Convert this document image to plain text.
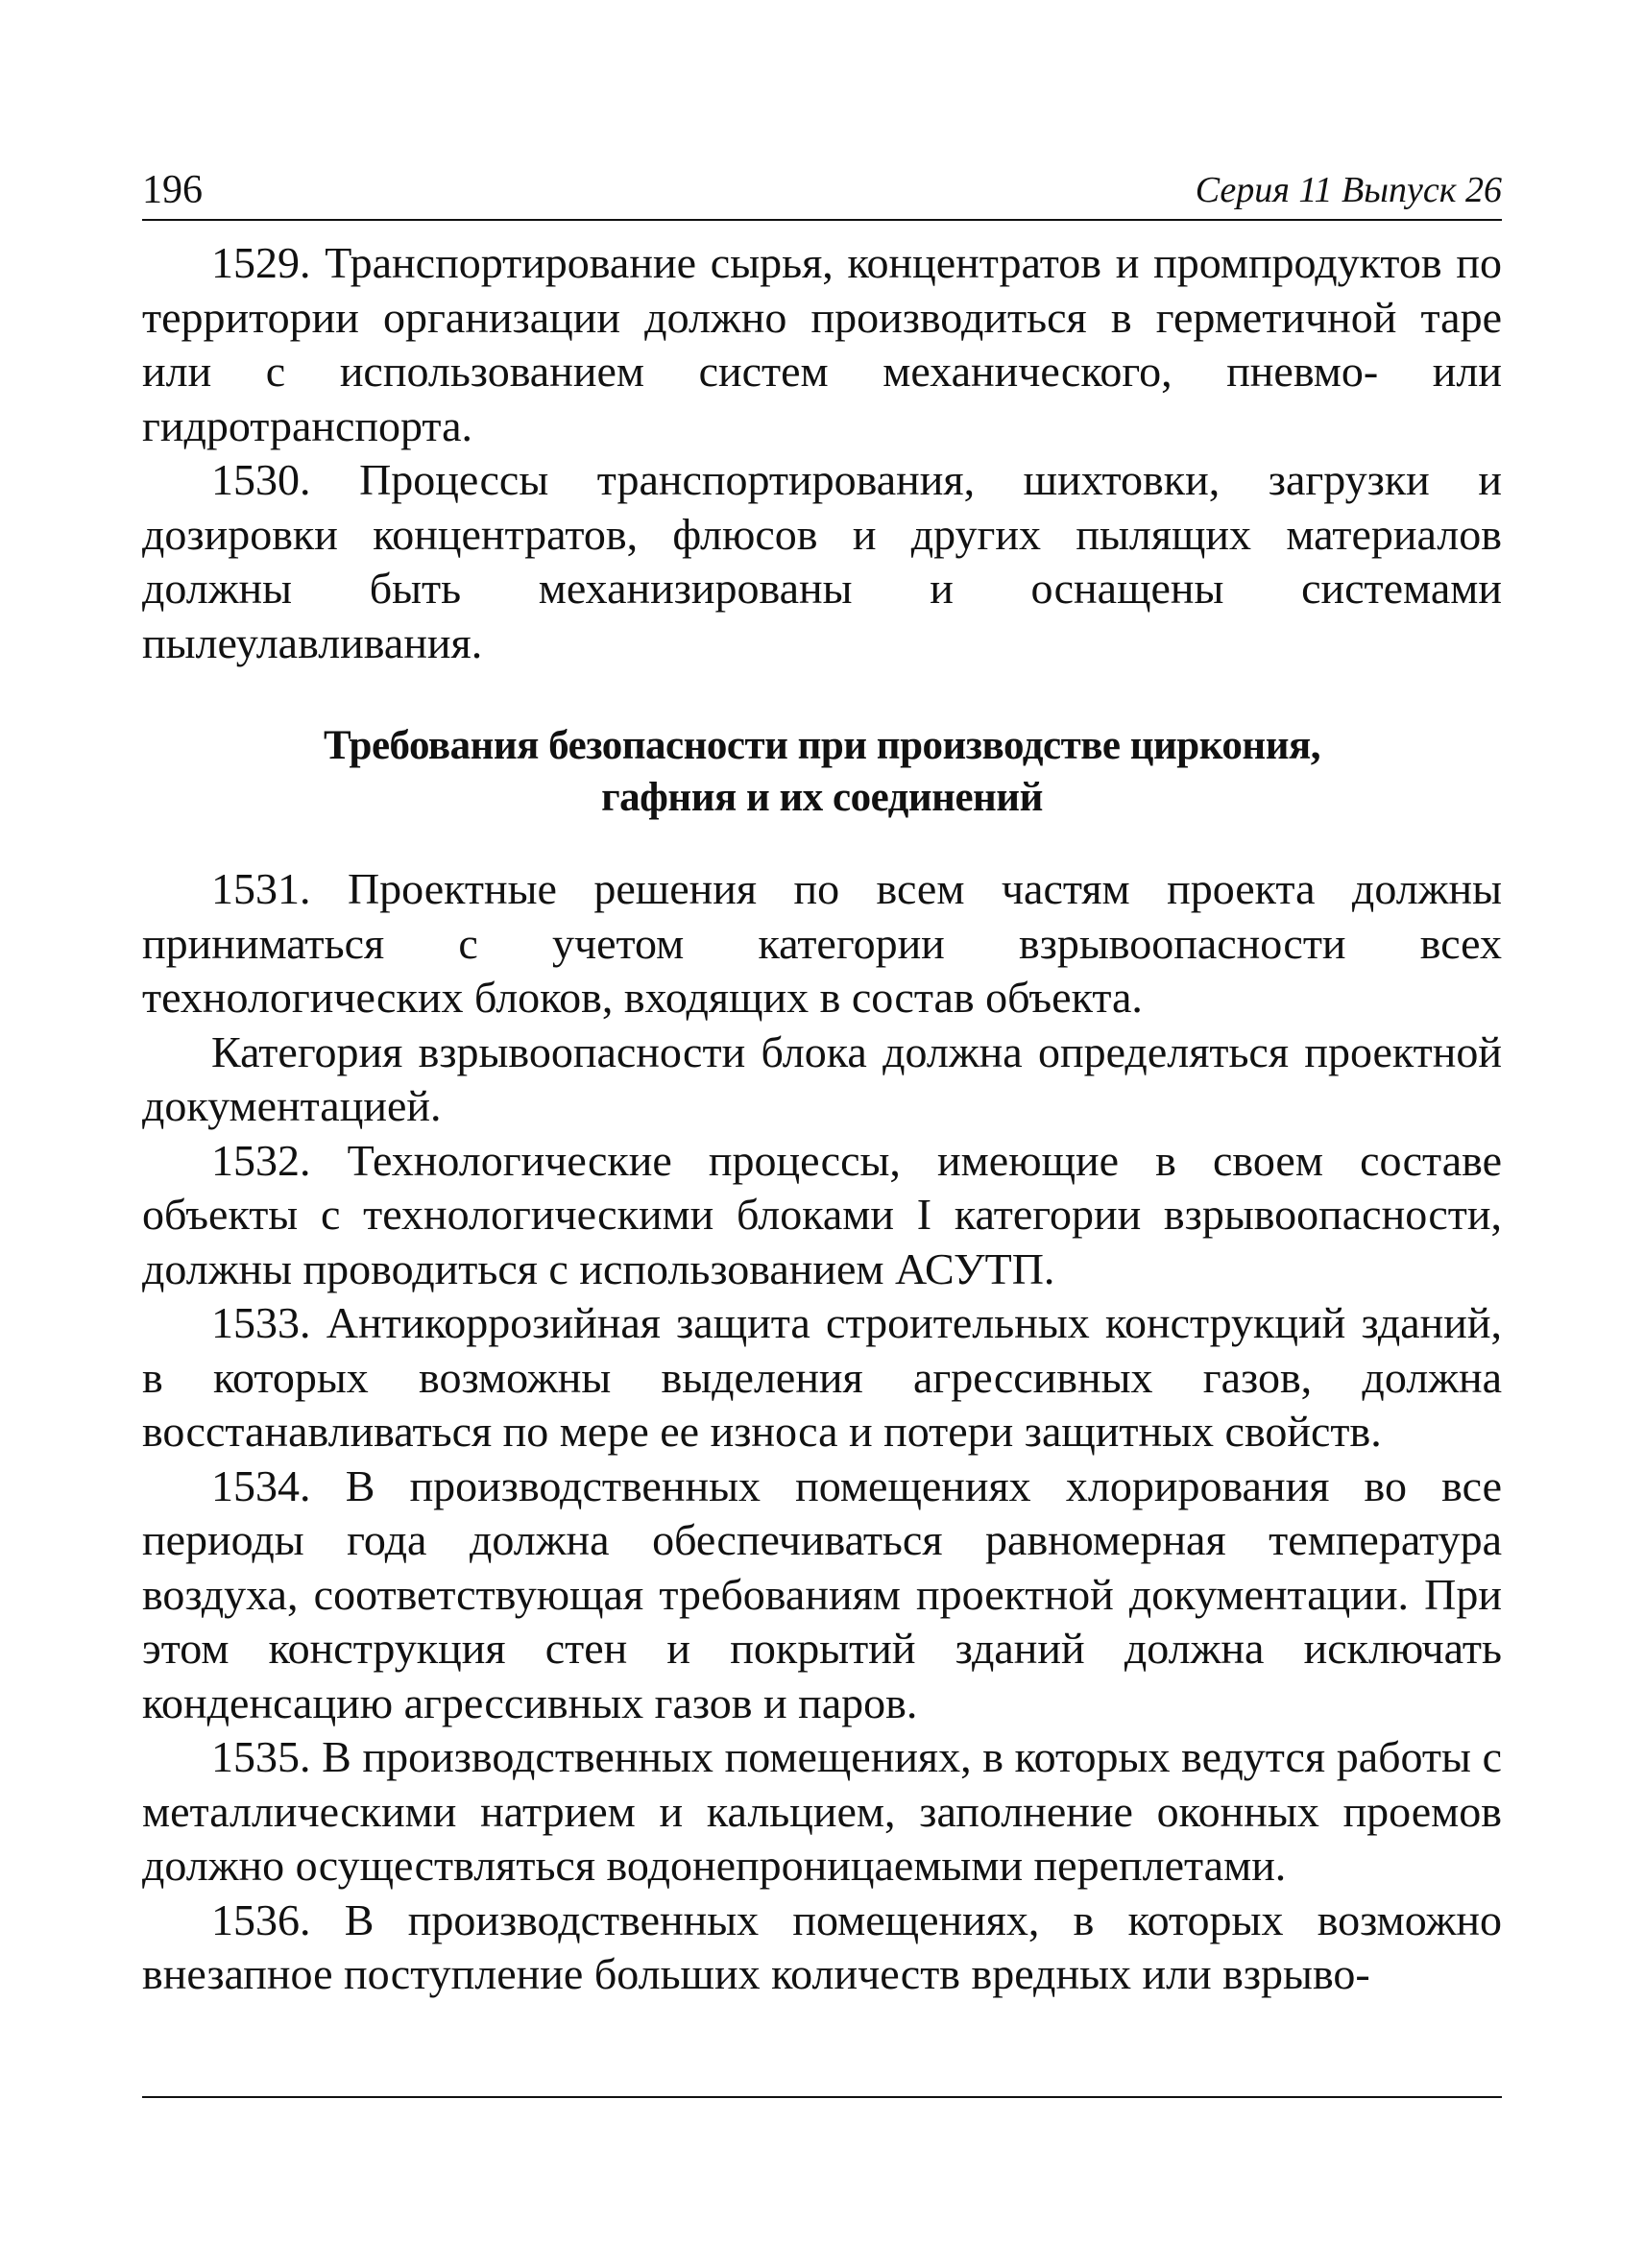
196	Серия 11 Выпуск 26

1529. Транспортирование сырья, концентратов и промпродуктов по территории организации должно производиться в герметичной таре или с использованием систем механического, пневмо- или гидротранспорта.

1530. Процессы транспортирования, шихтовки, загрузки и дозировки концентратов, флюсов и других пылящих материалов должны быть механизированы и оснащены системами пылеулавливания.

Требования безопасности при производстве циркония,
гафния и их соединений

1531. Проектные решения по всем частям проекта должны приниматься с учетом категории взрывоопасности всех технологических блоков, входящих в состав объекта.

Категория взрывоопасности блока должна определяться проектной документацией.

1532. Технологические процессы, имеющие в своем составе объекты с технологическими блоками I категории взрывоопасности, должны проводиться с использованием АСУТП.

1533. Антикоррозийная защита строительных конструкций зданий, в которых возможны выделения агрессивных газов, должна восстанавливаться по мере ее износа и потери защитных свойств.

1534. В производственных помещениях хлорирования во все периоды года должна обеспечиваться равномерная температура воздуха, соответствующая требованиям проектной документации. При этом конструкция стен и покрытий зданий должна исключать конденсацию агрессивных газов и паров.

1535. В производственных помещениях, в которых ведутся работы с металлическими натрием и кальцием, заполнение оконных проемов должно осуществляться водонепроницаемыми переплетами.

1536. В производственных помещениях, в которых возможно внезапное поступление больших количеств вредных или взрыво-
